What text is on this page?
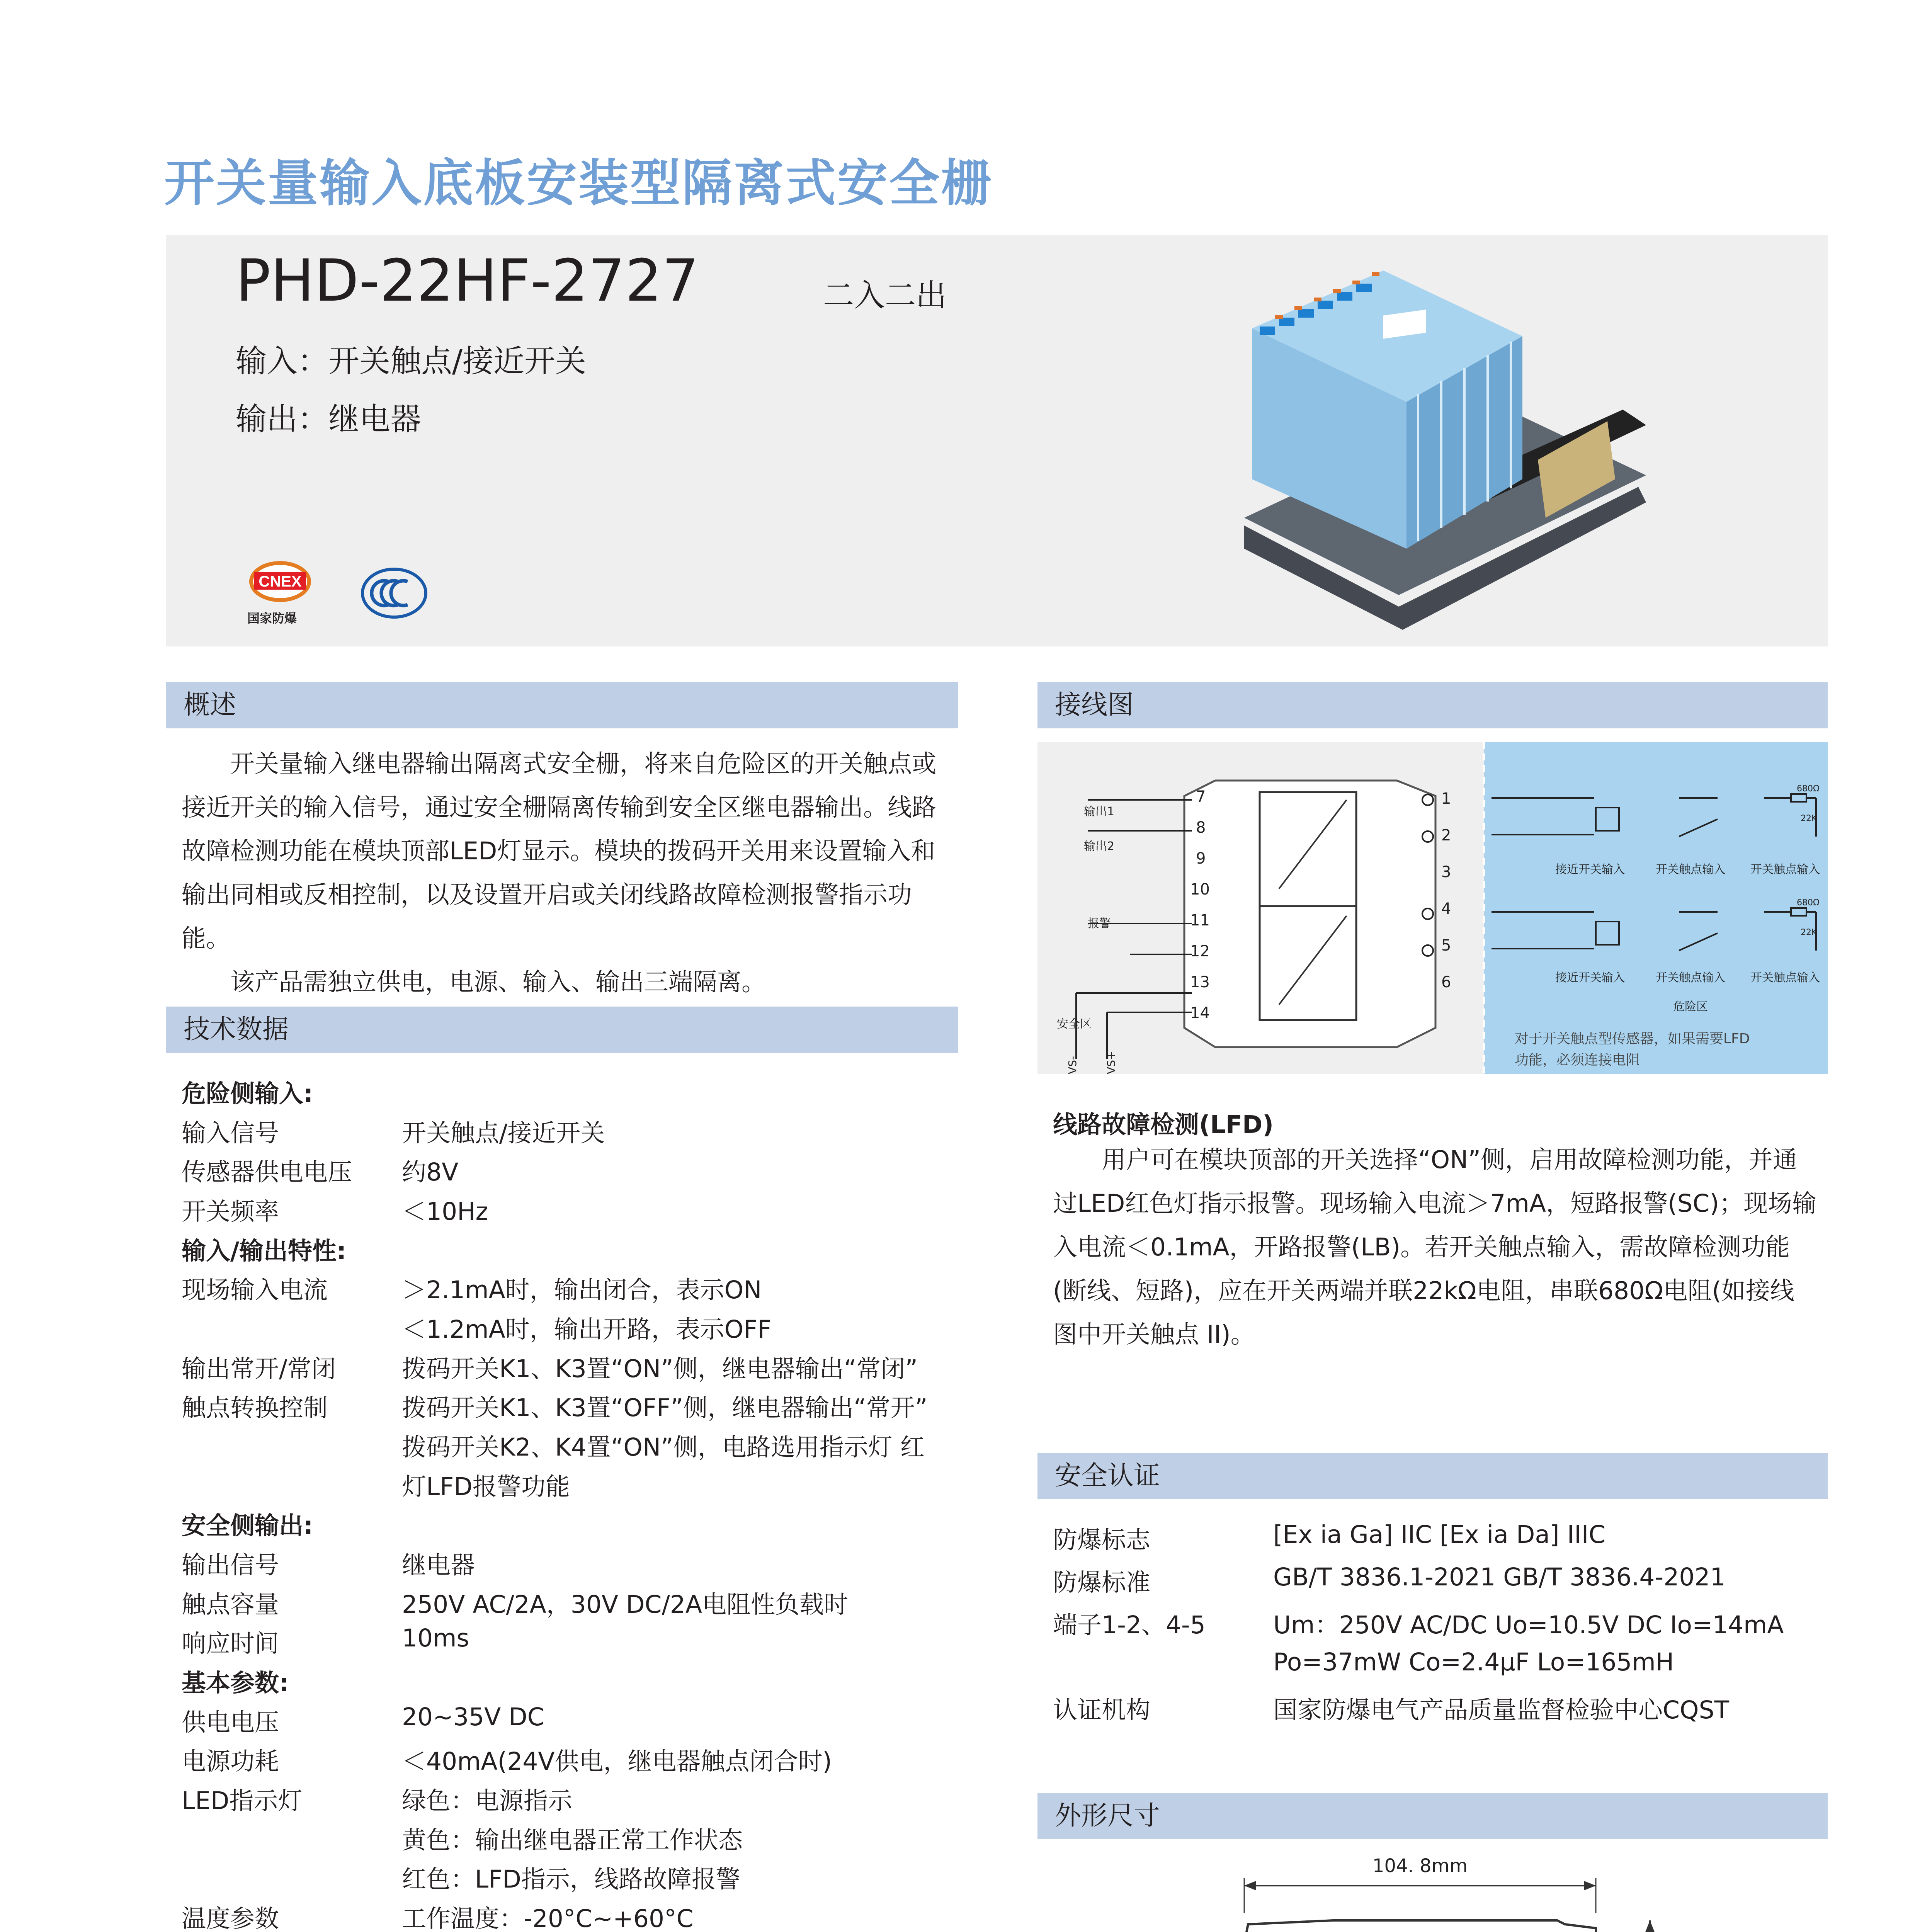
开关量输入底板安装型隔离式安全栅
PHD-22HF-2727	二入二出
输入：开关触点/接近开关
输出：继电器
CNEX
国家防爆
概述
开关量输入继电器输出隔离式安全栅，将来自危险区的开关触点或接近开关的输入信号，通过安全栅隔离传输到安全区继电器输出。线路故障检测功能在模块顶部LED灯显示。模块的拨码开关用来设置输入和输出同相或反相控制，以及设置开启或关闭线路故障检测报警指示功能。
该产品需独立供电，电源、输入、输出三端隔离。
技术数据
危险侧输入:
输入信号	开关触点/接近开关
传感器供电电压 约8V
开关频率	＜10Hz
输入/输出特性:
现场输入电流	＞2.1mA时，输出闭合，表示ON
＜1.2mA时，输出开路，表示OFF
输出常开/常闭	拨码开关K1、K3置“ON”侧，继电器输出“常闭”
触点转换控制	拨码开关K1、K3置“OFF”侧，继电器输出“常开”
拨码开关K2、K4置“ON”侧，电路选用指示灯 红
灯LFD报警功能
安全侧输出:
输出信号	继电器
触点容量	250V AC/2A，30V DC/2A电阻性负载时
响应时间	10ms
基本参数:
供电电压	20~35V DC
电源功耗	＜40mA(24V供电，继电器触点闭合时)
LED指示灯	绿色：电源指示
黄色：输出继电器正常工作状态
红色：LFD指示，线路故障报警
温度参数	工作温度：-20°C~+60°C
接线图
7
8
9
10
11
12
13
14
输出1
输出2
报警
安全区
VS- VS+
1
2
3
4
5
6
接近开关输入	开关触点输入 开关触点输入
接近开关输入	开关触点输入 开关触点输入
危险区
680Ω
22K
680Ω
22K
对于开关触点型传感器，如果需要LFD
功能，必须连接电阻
线路故障检测(LFD)
用户可在模块顶部的开关选择“ON”侧，启用故障检测功能，并通过LED红色灯指示报警。现场输入电流＞7mA，短路报警(SC)；现场输入电流＜0.1mA，开路报警(LB)。若开关触点输入，需故障检测功能(断线、短路)，应在开关两端并联22kΩ电阻，串联680Ω电阻(如接线图中开关触点 II)。
安全认证
防爆标志	[Ex ia Ga] IIC [Ex ia Da] IIIC
防爆标准	GB/T 3836.1-2021 GB/T 3836.4-2021
端子1-2、4-5	Um：250V AC/DC Uo=10.5V DC Io=14mA
Po=37mW Co=2.4μF Lo=165mH
认证机构	国家防爆电气产品质量监督检验中心CQST
外形尺寸
104. 8mm
